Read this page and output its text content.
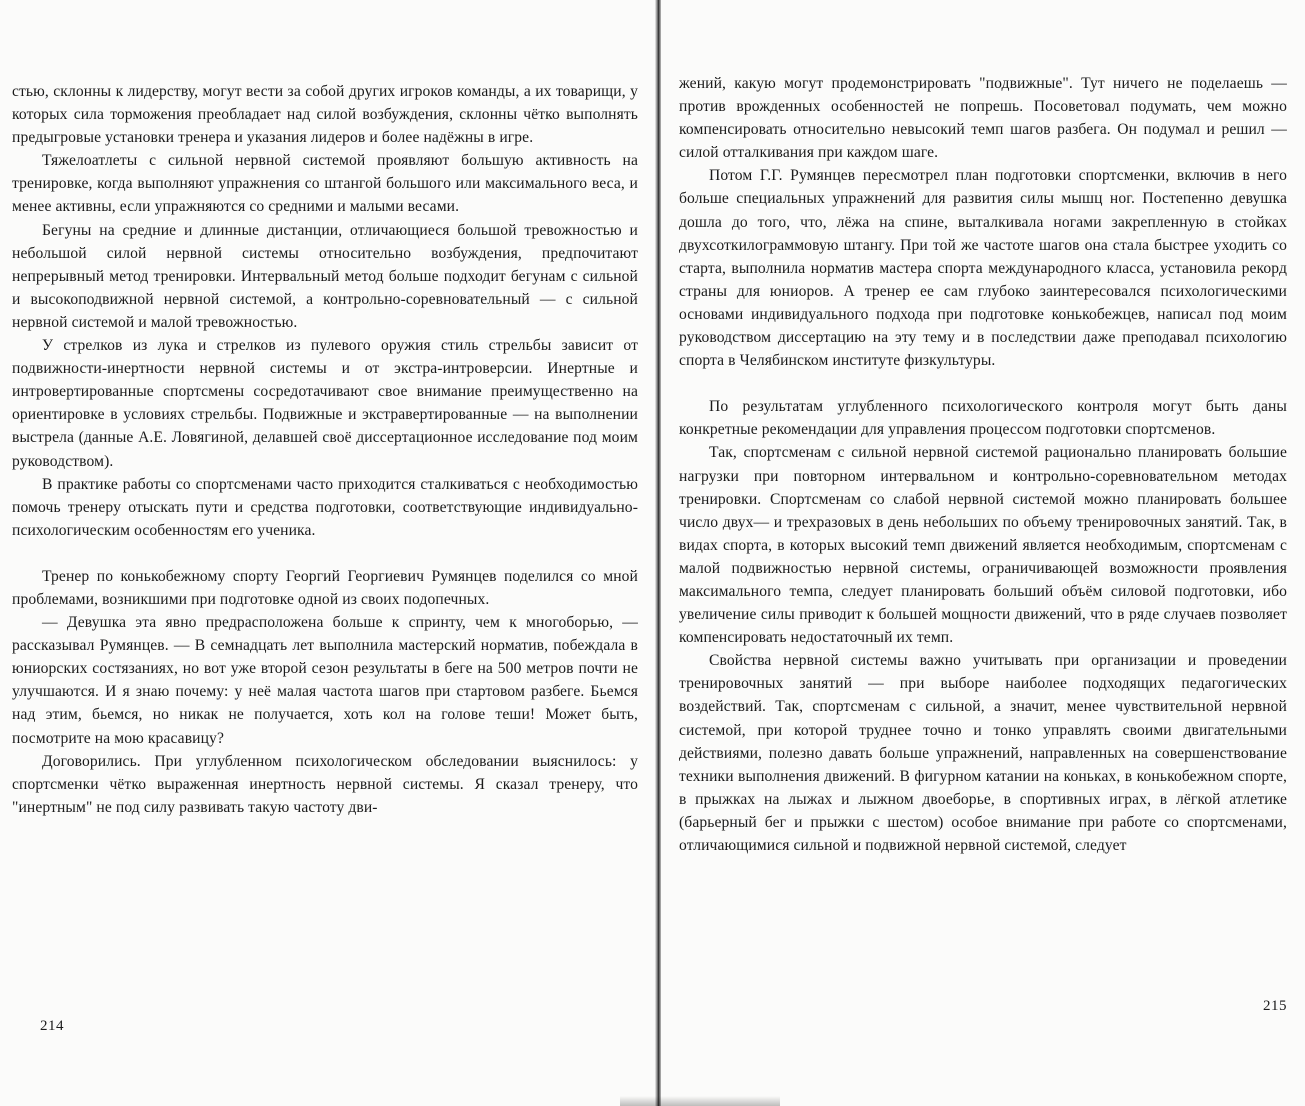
стью, склонны к лидерству, могут вести за собой других игроков команды, а их товарищи, у которых сила торможения преобладает над силой возбуждения, склонны чётко выполнять предыгровые установки тренера и указания лидеров и более надёжны в игре.

Тяжелоатлеты с сильной нервной системой проявляют большую активность на тренировке, когда выполняют упражнения со штангой большого или максимального веса, и менее активны, если упражняются со средними и малыми весами.

Бегуны на средние и длинные дистанции, отличающиеся большой тревожностью и небольшой силой нервной системы относительно возбуждения, предпочитают непрерывный метод тренировки. Интервальный метод больше подходит бегунам с сильной и высокоподвижной нервной системой, а контрольно-соревновательный — с сильной нервной системой и малой тревожностью.

У стрелков из лука и стрелков из пулевого оружия стиль стрельбы зависит от подвижности-инертности нервной системы и от экстра-интроверсии. Инертные и интровертированные спортсмены сосредотачивают свое внимание преимущественно на ориентировке в условиях стрельбы. Подвижные и экстравертированные — на выполнении выстрела (данные А.Е. Ловягиной, делавшей своё диссертационное исследование под моим руководством).

В практике работы со спортсменами часто приходится сталкиваться с необходимостью помочь тренеру отыскать пути и средства подготовки, соответствующие индивидуально-психологическим особенностям его ученика.

Тренер по конькобежному спорту Георгий Георгиевич Румянцев поделился со мной проблемами, возникшими при подготовке одной из своих подопечных.

— Девушка эта явно предрасположена больше к спринту, чем к многоборью, — рассказывал Румянцев. — В семнадцать лет выполнила мастерский норматив, побеждала в юниорских состязаниях, но вот уже второй сезон результаты в беге на 500 метров почти не улучшаются. И я знаю почему: у неё малая частота шагов при стартовом разбеге. Бьемся над этим, бьемся, но никак не получается, хоть кол на голове теши! Может быть, посмотрите на мою красавицу?

Договорились. При углубленном психологическом обследовании выяснилось: у спортсменки чётко выраженная инертность нервной системы. Я сказал тренеру, что "инертным" не под силу развивать такую частоту дви-

214

жений, какую могут продемонстрировать "подвижные". Тут ничего не поделаешь — против врожденных особенностей не попрешь. Посоветовал подумать, чем можно компенсировать относительно невысокий темп шагов разбега. Он подумал и решил — силой отталкивания при каждом шаге.

Потом Г.Г. Румянцев пересмотрел план подготовки спортсменки, включив в него больше специальных упражнений для развития силы мышц ног. Постепенно девушка дошла до того, что, лёжа на спине, выталкивала ногами закрепленную в стойках двухсоткилограммовую штангу. При той же частоте шагов она стала быстрее уходить со старта, выполнила норматив мастера спорта международного класса, установила рекорд страны для юниоров. А тренер ее сам глубоко заинтересовался психологическими основами индивидуального подхода при подготовке конькобежцев, написал под моим руководством диссертацию на эту тему и в последствии даже преподавал психологию спорта в Челябинском институте физкультуры.

По результатам углубленного психологического контроля могут быть даны конкретные рекомендации для управления процессом подготовки спортсменов.

Так, спортсменам с сильной нервной системой рационально планировать большие нагрузки при повторном интервальном и контрольно-соревновательном методах тренировки. Спортсменам со слабой нервной системой можно планировать большее число двух— и трехразовых в день небольших по объему тренировочных занятий. Так, в видах спорта, в которых высокий темп движений является необходимым, спортсменам с малой подвижностью нервной системы, ограничивающей возможности проявления максимального темпа, следует планировать больший объём силовой подготовки, ибо увеличение силы приводит к большей мощности движений, что в ряде случаев позволяет компенсировать недостаточный их темп.

Свойства нервной системы важно учитывать при организации и проведении тренировочных занятий — при выборе наиболее подходящих педагогических воздействий. Так, спортсменам с сильной, а значит, менее чувствительной нервной системой, при которой труднее точно и тонко управлять своими двигательными действиями, полезно давать больше упражнений, направленных на совершенствование техники выполнения движений. В фигурном катании на коньках, в конькобежном спорте, в прыжках на лыжах и лыжном двоеборье, в спортивных играх, в лёгкой атлетике (барьерный бег и прыжки с шестом) особое внимание при работе со спортсменами, отличающимися сильной и подвижной нервной системой, следует

215
